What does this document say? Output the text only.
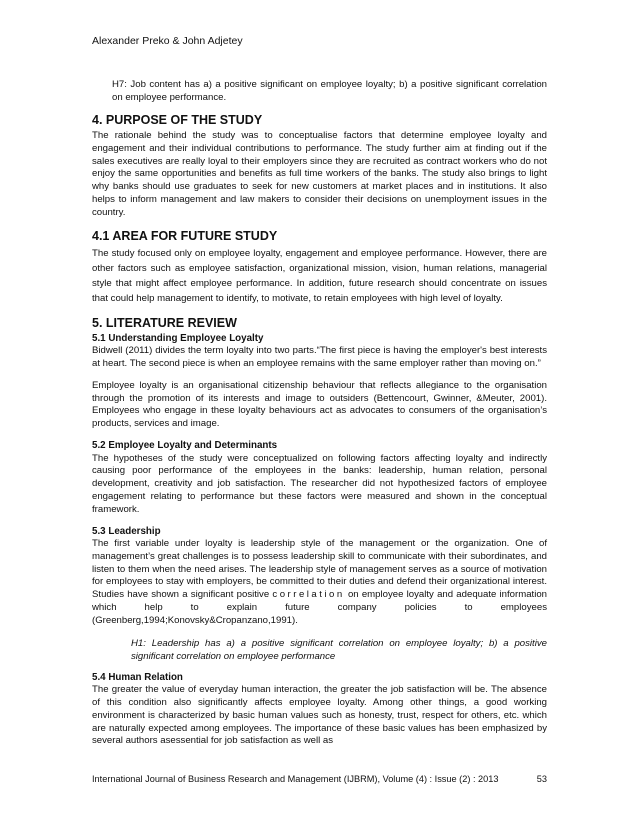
Alexander Preko & John Adjetey

H7: Job content has a) a positive significant on employee loyalty; b) a positive significant correlation on employee performance.

4. PURPOSE OF THE STUDY

The rationale behind the study was to conceptualise factors that determine employee loyalty and engagement and their individual contributions to performance. The study further aim at finding out if the sales executives are really loyal to their employers since they are recruited as contract workers who do not enjoy the same opportunities and benefits as full time workers of the banks. The study also brings to light why banks should use graduates to seek for new customers at market places and in institutions. It also helps to inform management and law makers to consider their decisions on unemployment issues in the country.

4.1 AREA FOR FUTURE STUDY

The study focused only on employee loyalty, engagement and employee performance. However, there are other factors such as employee satisfaction, organizational mission, vision, human relations, managerial style that might affect employee performance. In addition, future research should concentrate on issues that could help management to identify, to motivate, to retain employees with high level of loyalty.

5. LITERATURE REVIEW
5.1 Understanding Employee Loyalty

Bidwell (2011) divides the term loyalty into two parts.“The first piece is having the employer's best interests at heart. The second piece is when an employee remains with the same employer rather than moving on.”

Employee loyalty is an organisational citizenship behaviour that reflects allegiance to the organisation through the promotion of its interests and image to outsiders (Bettencourt, Gwinner, &Meuter, 2001). Employees who engage in these loyalty behaviours act as advocates to consumers of the organisation’s products, services and image.

5.2 Employee Loyalty and Determinants

The hypotheses of the study were conceptualized on following factors affecting loyalty and indirectly causing poor performance of the employees in the banks: leadership, human relation, personal development, creativity and job satisfaction. The researcher did not hypothesized factors of employee engagement relating to performance but these factors were measured and shown in the conceptual framework.

5.3 Leadership

The first variable under loyalty is leadership style of the management or the organization. One of management’s great challenges is to possess leadership skill to communicate with their subordinates, and listen to them when the need arises. The leadership style of management serves as a source of motivation for employees to stay with employers, be committed to their duties and defend their organizational interest. Studies have shown a significant positive correlation on employee loyalty and adequate information which help to explain future company policies to employees (Greenberg,1994;Konovsky&Cropanzano,1991).

H1: Leadership has a) a positive significant correlation on employee loyalty; b) a positive significant correlation on employee performance

5.4 Human Relation

The greater the value of everyday human interaction, the greater the job satisfaction will be. The absence of this condition also significantly affects employee loyalty. Among other things, a good working environment is characterized by basic human values such as honesty, trust, respect for others, etc. which are naturally expected among employees. The importance of these basic values has been emphasized by several authors asessential for job satisfaction as well as

International Journal of Business Research and Management (IJBRM), Volume (4) : Issue (2) : 2013	53
